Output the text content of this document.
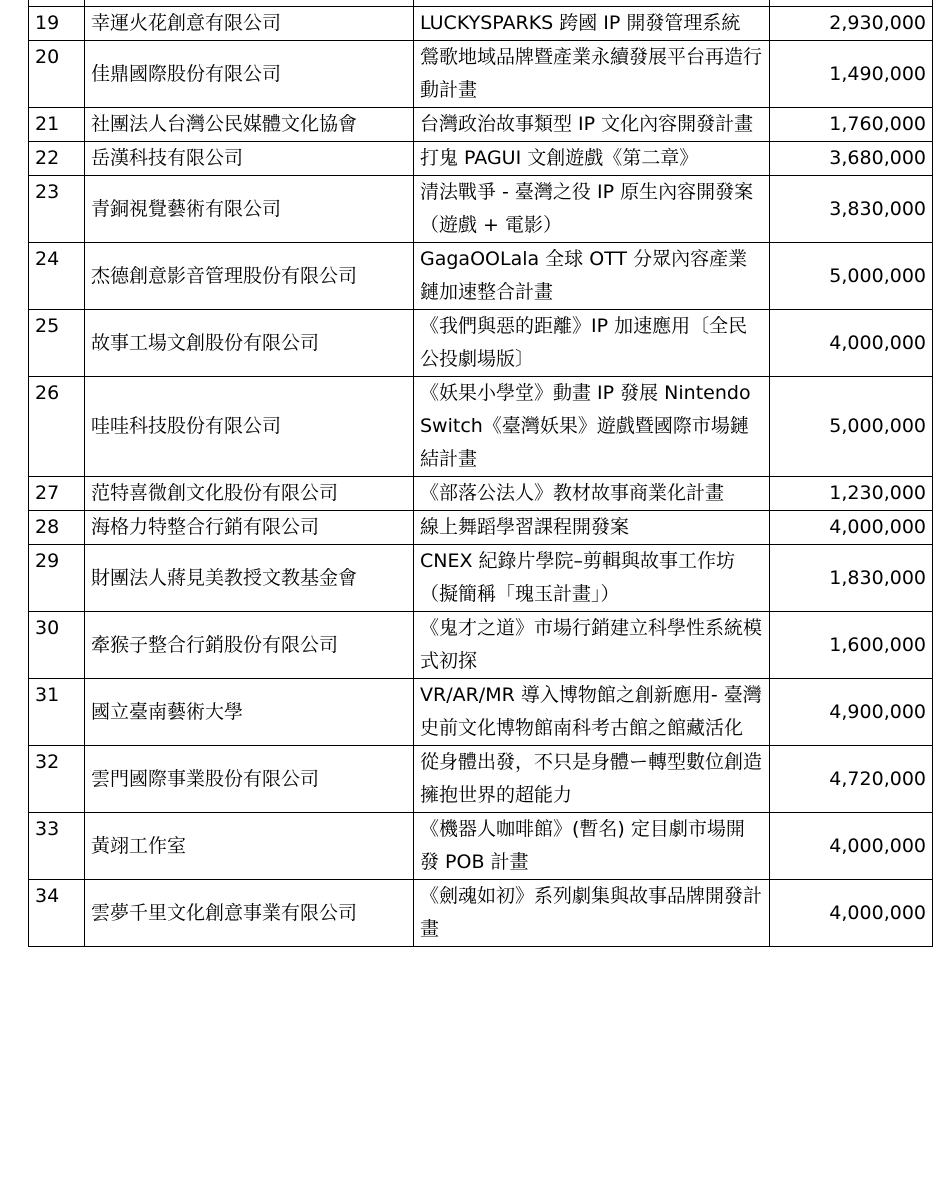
19	幸運火花創意有限公司	LUCKYSPARKS 跨國 IP 開發管理系統	2,930,000
20	佳鼎國際股份有限公司	鶯歌地域品牌暨產業永續發展平台再造行動計畫	1,490,000
21	社團法人台灣公民媒體文化協會	台灣政治故事類型 IP 文化內容開發計畫	1,760,000
22	岳漢科技有限公司	打鬼 PAGUI 文創遊戲《第二章》	3,680,000
23	青銅視覺藝術有限公司	清法戰爭 - 臺灣之役 IP 原生內容開發案（遊戲 + 電影）	3,830,000
24	杰德創意影音管理股份有限公司	GagaOOLala 全球 OTT 分眾內容產業鏈加速整合計畫	5,000,000
25	故事工場文創股份有限公司	《我們與惡的距離》IP 加速應用〔全民公投劇場版〕	4,000,000
26	哇哇科技股份有限公司	《妖果小學堂》動畫 IP 發展 Nintendo Switch《臺灣妖果》遊戲暨國際市場鏈結計畫	5,000,000
27	范特喜微創文化股份有限公司	《部落公法人》教材故事商業化計畫	1,230,000
28	海格力特整合行銷有限公司	線上舞蹈學習課程開發案	4,000,000
29	財團法人蔣見美教授文教基金會	CNEX 紀錄片學院–剪輯與故事工作坊（擬簡稱「瑰玉計畫」）	1,830,000
30	牽猴子整合行銷股份有限公司	《鬼才之道》市場行銷建立科學性系統模式初探	1,600,000
31	國立臺南藝術大學	VR/AR/MR 導入博物館之創新應用- 臺灣史前文化博物館南科考古館之館藏活化	4,900,000
32	雲門國際事業股份有限公司	從身體出發，不只是身體ー轉型數位創造擁抱世界的超能力	4,720,000
33	黃翊工作室	《機器人咖啡館》(暫名) 定目劇市場開發 POB 計畫	4,000,000
34	雲夢千里文化創意事業有限公司	《劍魂如初》系列劇集與故事品牌開發計畫	4,000,000
